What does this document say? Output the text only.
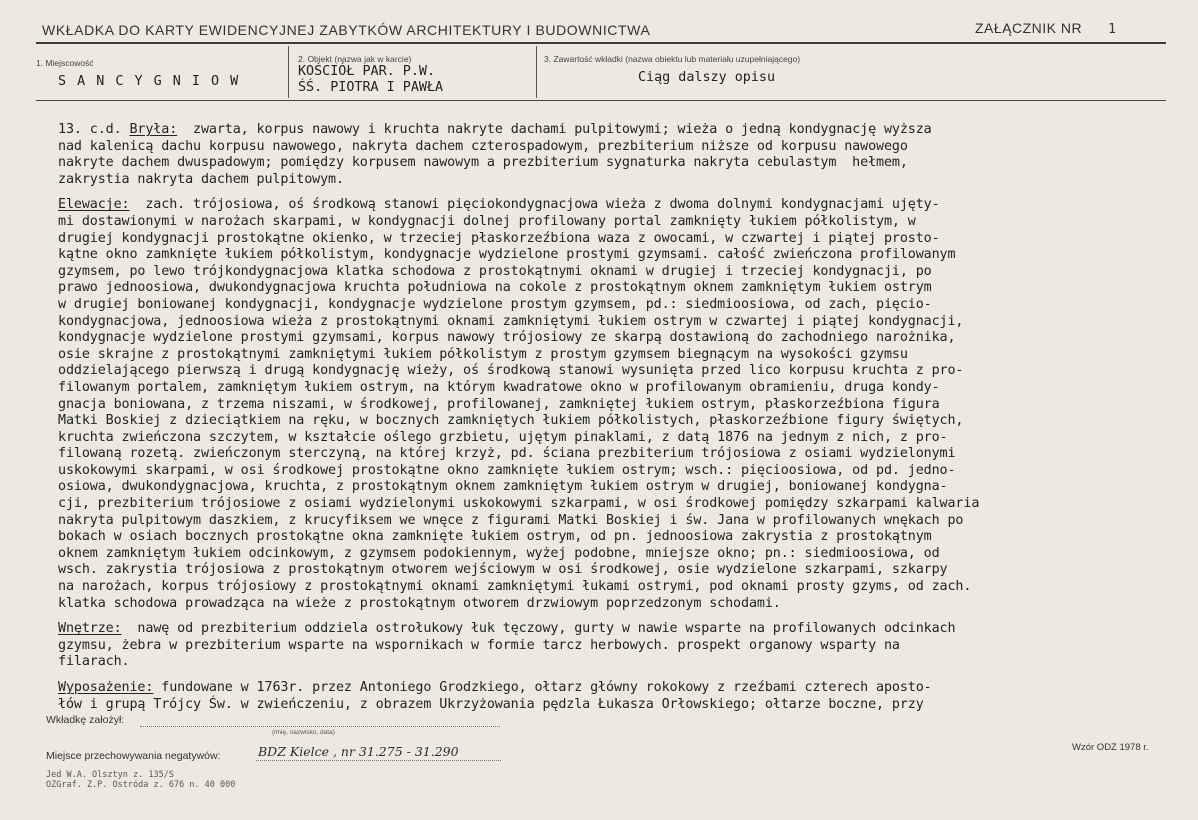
WKŁADKA DO KARTY EWIDENCYJNEJ ZABYTKÓW ARCHITEKTURY I BUDOWNICTWA	ZAŁĄCZNIK NR 1
1. Miejscowość
S A N C Y G N I O W
2. Obiekt (nazwa jak w karcie)
KOŚCIÓŁ PAR. P.W.
ŚŚ. PIOTRA I PAWŁA
3. Zawartość wkładki (nazwa obiektu lub materiału uzupełniającego)
Ciąg dalszy opisu
13. c.d. Bryła:  zwarta, korpus nawowy i kruchta nakryte dachami pulpitowymi; wieża o jedną kondygnację wyższa
nad kalenicą dachu korpusu nawowego, nakryta dachem czterospadowym, prezbiterium niższe od korpusu nawowego
nakryte dachem dwuspadowym; pomiędzy korpusem nawowym a prezbiterium sygnaturka nakryta cebulastym  hełmem,
zakrystia nakryta dachem pulpitowym.
Elewacje:  zach. trójosiowa, oś środkową stanowi pięciokondygnacjowa wieża z dwoma dolnymi kondygnacjami ujęty-
mi dostawionymi w narożach skarpami, w kondygnacji dolnej profilowany portal zamknięty łukiem półkolistym, w
drugiej kondygnacji prostokątne okienko, w trzeciej płaskorzeźbiona waza z owocami, w czwartej i piątej prosto-
kątne okno zamknięte łukiem półkolistym, kondygnacje wydzielone prostymi gzymsami. całość zwieńczona profilowanym
gzymsem, po lewo trójkondygnacjowa klatka schodowa z prostokątnymi oknami w drugiej i trzeciej kondygnacji, po
prawo jednoosiowa, dwukondygnacjowa kruchta południowa na cokole z prostokątnym oknem zamkniętym łukiem ostrym
w drugiej boniowanej kondygnacji, kondygnacje wydzielone prostym gzymsem, pd.: siedmioosiowa, od zach, pięcio-
kondygnacjowa, jednoosiowa wieża z prostokątnymi oknami zamkniętymi łukiem ostrym w czwartej i piątej kondygnacji,
kondygnacje wydzielone prostymi gzymsami, korpus nawowy trójosiowy ze skarpą dostawioną do zachodniego narożnika,
osie skrajne z prostokątnymi zamkniętymi łukiem półkolistym z prostym gzymsem biegnącym na wysokości gzymsu
oddzielającego pierwszą i drugą kondygnację wieży, oś środkową stanowi wysunięta przed lico korpusu kruchta z pro-
filowanym portalem, zamkniętym łukiem ostrym, na którym kwadratowe okno w profilowanym obramieniu, druga kondy-
gnacja boniowana, z trzema niszami, w środkowej, profilowanej, zamkniętej łukiem ostrym, płaskorzeźbiona figura
Matki Boskiej z dzieciątkiem na ręku, w bocznych zamkniętych łukiem półkolistych, płaskorzeźbione figury świętych,
kruchta zwieńczona szczytem, w kształcie oślego grzbietu, ujętym pinaklami, z datą 1876 na jednym z nich, z pro-
filowaną rozetą. zwieńczonym sterczyną, na której krzyż, pd. ściana prezbiterium trójosiowa z osiami wydzielonymi
uskokowymi skarpami, w osi środkowej prostokątne okno zamknięte łukiem ostrym; wsch.: pięcioosiowa, od pd. jedno-
osiowa, dwukondygnacjowa, kruchta, z prostokątnym oknem zamkniętym łukiem ostrym w drugiej, boniowanej kondygna-
cji, prezbiterium trójosiowe z osiami wydzielonymi uskokowymi szkarpami, w osi środkowej pomiędzy szkarpami kalwaria
nakryta pulpitowym daszkiem, z krucyfiksem we wnęce z figurami Matki Boskiej i św. Jana w profilowanych wnękach po
bokach w osiach bocznych prostokątne okna zamknięte łukiem ostrym, od pn. jednoosiowa zakrystia z prostokątnym
oknem zamkniętym łukiem odcinkowym, z gzymsem podokiennym, wyżej podobne, mniejsze okno; pn.: siedmioosiowa, od
wsch. zakrystia trójosiowa z prostokątnym otworem wejściowym w osi środkowej, osie wydzielone szkarpami, szkarpy
na narożach, korpus trójosiowy z prostokątnymi oknami zamkniętymi łukami ostrymi, pod oknami prosty gzyms, od zach.
klatka schodowa prowadząca na wieże z prostokątnym otworem drzwiowym poprzedzonym schodami.
Wnętrze:  nawę od prezbiterium oddziela ostrołukowy łuk tęczowy, gurty w nawie wsparte na profilowanych odcinkach
gzymsu, żebra w prezbiterium wsparte na wspornikach w formie tarcz herbowych. prospekt organowy wsparty na
filarach.
Wyposażenie: fundowane w 1763r. przez Antoniego Grodzkiego, ołtarz główny rokokowy z rzeźbami czterech aposto-
łów i grupą Trójcy Św. w zwieńczeniu, z obrazem Ukrzyżowania pędzla Łukasza Orłowskiego; ołtarze boczne, przy
Wkładkę założył:
(imię, nazwisko, data)
Miejsce przechowywania negatywów:	BDZ Kielce , nr 31.275 - 31.290	Wzór ODZ 1978 r.
Jed W.A. Olsztyn z. 135/S
OZGraf. Z.P. Ostróda z. 676 n. 40 000
